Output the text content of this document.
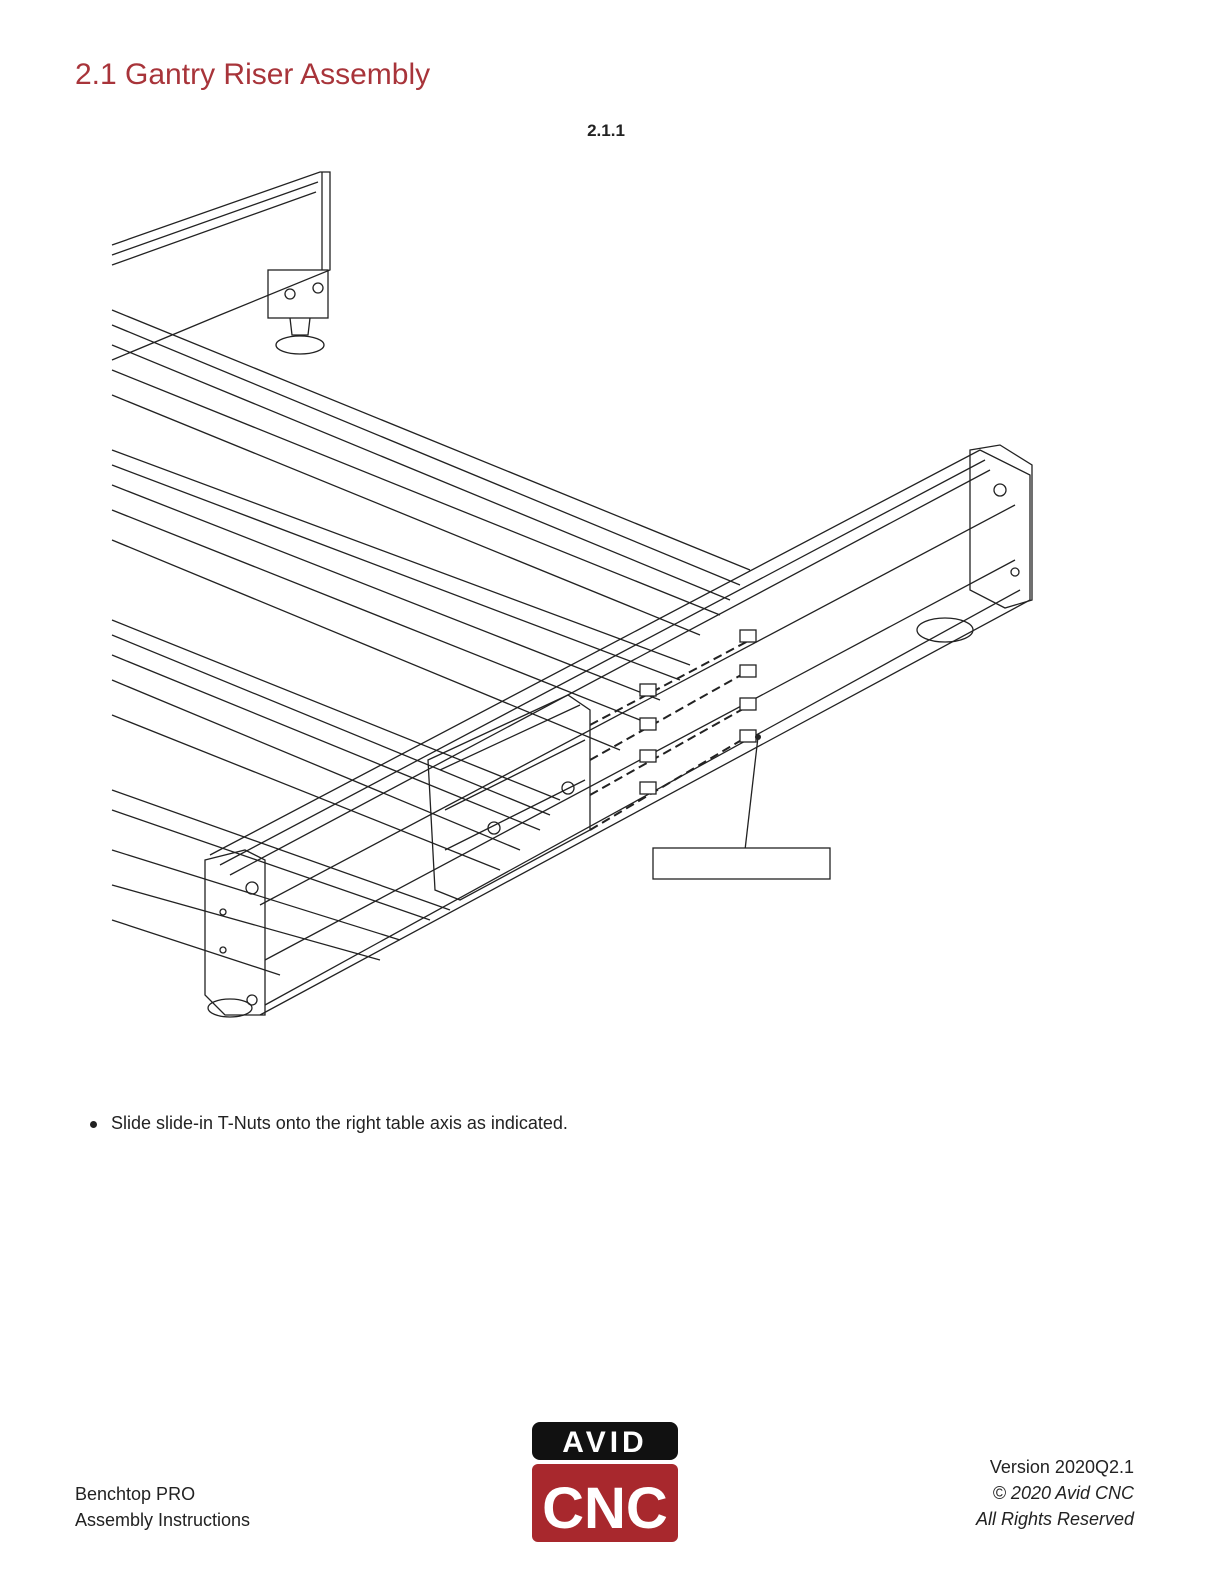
2.1 Gantry Riser Assembly
2.1.1
Slide slide-in T-Nuts onto the right table axis as indicated.
Benchtop PRO
Assembly Instructions
AVID
CNC
Version 2020Q2.1
© 2020 Avid CNC
All Rights Reserved
